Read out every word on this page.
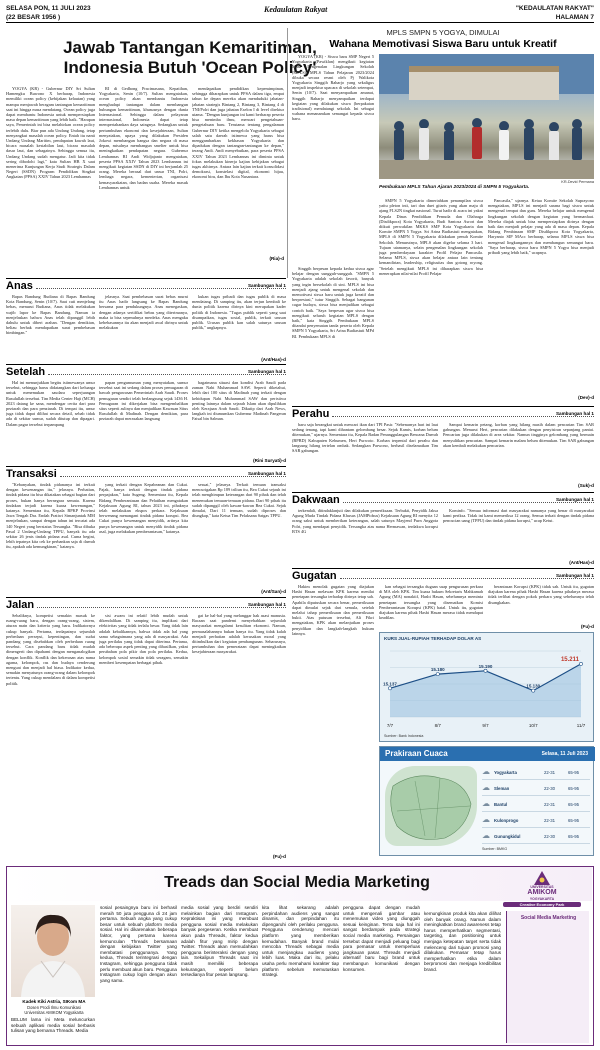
SELASA PON, 11 JULI 2023
(22 BESAR 1956 )
Kedaulatan Rakyat	"KEDAULATAN RAKYAT"
HALAMAN 7
Jawab Tantangan Kemaritiman,
Indonesia Butuh 'Ocean Policy'

YOGYA (KR) - Gubernur DIY Sri Sultan Hamengku Buwono X berharap, Indonesia memiliki ocean policy (kebijakan kelautan) yang mampu menjawab beragam tantangan kemaritiman saat ini hingga masa mendatang. Ocean policy juga dapat membantu Indonesia untuk mempersiapkan masa depan kemaritiman yang lebih baik. "Harapan saya, Pemerintah ini bisa melahirkan ocean policy terlebih dulu. Biar pun ada Undang Undang, tetap menyangkut masalah ocean policy. Entah itu nanti Undang Undang Maritim, pendapatan kawah laut, bicara masalah kestabilan laut, bicara masalah dasar laut, dan sebagainya. Sehingga semua itu, Undang Undang sudah mengatur. Jadi kita tidak sering dibodohi lagi," kata Sultan HB X saat menerima Kunjungan Kerja Studi Strategis Dalam Negeri (SSDN) Program Pendidikan Singkat Angkatan (PPSA) XXIV Tahun 2023 Lemhannas

RI di Gedhong Pracimasana, Kepatihan, Yogyakarta, Senin (10/7). Sultan mengatakan, ocean policy akan membantu Indonesia menghadapi tantangan dalam membangun hubungan kemaritiman, khususnya dengan dunia Internasional. Sehingga dalam pelayaran internasional, Indonesia dapat tetap mempertahankan daya saingnya. Sedangkan untuk pertumbuhan ekonomi dan kesejahteraan, Sultan menyatakan, upaya yang dilakukan Presiden Jokowi membangun bangsa dan negara di masa depan, misalnya membangun smelter untuk bisa meningkatkan pendapatan negara. Gubernur Lemhannas RI Andi Widjajanto mengatakan, peserta PPSA XXIV Tahun 2023 Lemhannas ini mengikuti kegiatan SSDN di DIY ini berjumlah 25 orang. Mereka berasal dari unsur TNI, Polri, lembaga negara, kementerian, organisasi kemasyarakatan, dan badan usaha. Mereka masuk Lemhannas untuk

mendapatkan pendidikan kepemimpinan, sehingga diharapkan untuk PPSA dalam tiga, empat tahun ke depan mereka akan menduduki jabatan-jabatan strategis Bintang 2, Bintang 3, Bintang 4 di TNI/Polri dan juga jabatan Eselon I di level direktur utama. "Dengan kunjungan ini kami berharap peserta bisa menimba ilmu, mencari pengetahuan-pengetahuan baru. Terutama tentang pengalaman Gubernur DIY ketika mengelola Yogyakarta sebagai salah satu daerah istimewa yang harus bisa menggambarkan kekhasan Yogyakarta dan dipadukan dengan tantangan-tantangan ke depan," terang Andi. Andi menyebutkan, para peserta PPSA XXIV Tahun 2023 Lemhannas ini diminta untuk fokus melakukan kinerja kajian kebijakan sebagai tugas akhirnya. Antara lain kajian terkait konsolidasi demokrasi, konstelasi digital, ekonomi hijau, ekonomi biru, dan Ibu Kota Nusantara.

(Ria)-d
MPLS SMPN 5 YOGYA, DIMULAI
Wahana Memotivasi Siswa Baru untuk Kreatif

YOGYA (KR) - Siswa baru SMP Negeri 5 Yogyakarta (Pawiklan) mengikuti kegiatan Masa Pengenalan Lingkungan Sekolah (MPLS). MPLS Tahun Pelajaran 2023/2024 dibuka secara resmi oleh Pj Walikota Yogyakarta Singgih Raharjo yang sekaligus menjadi inspektur upacara di sekolah setempat, Senin (10/7). Saat menyampaikan amanat, Singgih Raharjo menyampaikan terdapat kegiatan yang dilakukan siswa (berpakaian tradisional) mendatangi sekolah. Ini sebagai wahana menanamkan semangat kepada siswa baru.

KR-Devid Permana
Pembukaan MPLS Tahun Ajaran 2023/2024 di SMPN 5 Yogyakarta.

Singgih berpesan kepada kedua siswa agar belajar dengan sungguh-sungguh. "SMPN 5 Yogyakarta adalah sekolah favorit, banyak yang ingin bersekolah di sini. MPLS ini bisa menjadi ajang untuk mengenal sekolah dan memotivasi siswa baru untuk juga kreatif dan berprestasi," tutur Singgih. Sebagai bangunan cagar budaya, siswa bisa menjadikan sebagai contoh baik. "Saya berpesan agar siswa bisa mengikuti seluruh kegiatan MPLS dengan baik," kata Singgih. Pembukaan MPLS ditandai penyematan tanda peserta oleh Kepala SMPN 5 Yogyakarta, Sri Arina Budiastuti MPd BI. Pembukaan MPLS di

SMPN 5 Yogyakarta dimeriahkan penampilan siswa yaitu pleton inti, tari dan duet gitaris yang akan maju di ajang FLS2N tingkat nasional. Turut hadir di acara ini yakni Kepala Dinas Pendidikan Pemuda dan Olahraga (Disdikpora) Kota Yogyakarta, Budi Santosa Asrori dan diikuti perwakilan MKKS SMP Kota Yogyakarta dan Komite SMPN 5 Yogya. Sri Arina Budiastuti mengatakan, MPLS di SMPN 5 Yogyakarta dilakukan penuh Komite Sekolah. Menurutnya, MPLS akan digelar selama 3 hari. Tujuan utamanya, selain pengenalan lingkungan sekolah juga pemberdayaan karakter Profil Pelajar Pancasila. Selama MPLS, siswa akan belajar antara lain tentang kemandirian, leadership, religiusitas dan gotong royong. "Setelah mengikuti MPLS ini diharapkan siswa bisa menerapkan nilai-nilai Profil Pelajar

Pancasila," ujarnya. Ketua Komite Sekolah Suprayono mengatakan, MPLS ini menjadi sarana bagi siswa untuk mengenal tempat dan guru. Mereka belajar untuk mengenal lingkungan sekolah dengan kegiatan yang bermanfaat. Mereka diajak untuk bisa mempersiapkan dirinya dengan baik dan menjadi pelajar yang ada di masa depan. Kepala Bidang Pembinaan SMP Disdikpora Kota Yogyakarta, Haryanto SIP MAcc berharap, selama MPLS siswa bisa mengenal lingkungannya dan membangun semangat baru. "Saya berharap, siswa baru SMPN 5 Yogya bisa menjadi pribadi yang lebih baik," ucapnya.

(Dev)-d
Anas	Sambungan hal 1

Bapas Bandung Budiana di Bapas Bandung Kota Bandung, Senin (10/7). Saat cuti menjelang bebas, menurut Budiana, Anas tidak melakukan wajib lapor ke Bapas Bandung. Namun ia menjelaskan bahwa Anas telah dipanggil lebih dahulu untuk diberi arahan. "Dengan demikian, beliau berhak mendapatkan surat pembebasan bimbingan."

jelasnya. Saat pembebasan surat bebas murni itu Anas hadir langsung ke Bapas Bandung bersama para pendukungnya. Anas menegaskan, dengan adanya sertifikat bebas yang diterimanya, maka ia bisa sepenuhnya merdeka. Anas mengaku kebebasannya itu akan menjadi awal dirinya untuk melakukan

kukan tugas pribadi dan tugas publik di masa mendatang. Di samping itu, akan terjun kembali ke dunia politik karena dirinya kini merupakan kader politik di Indonesia. "Tugas publik seperti yang saat disampaikan, tugas sosial, publik, terkait urusan publik. Urusan publik kan salah satunya urusan publik," ungkapnya.

(Ant/Has)-d
Setelah	Sambungan hal 1

Hal ini menunjukkan begitu istimewanya umur tersebut, sehingga harus didatangkan dari keluarga untuk menemukan saudara seperjuangan Rasulullah tersebut. Tim Media Center Haji (MCH) 2023 datang ke sana, mendengar cerita dari para peziarah dan para penziarah. Di tempat itu, umur juga tidak dapat dilihat secara detail, sebab tidak ada di sekitar sumur, sudah ditutup dan dipagari. Dalam pagar tersebut terpampang

papan pengumuman yang menyatakan, sumur tersebut saat ini sedang dalam proses pemugaran di bawah pengawasan Pemerintah Arab Saudi. Proses pemugaran sendiri telah berlangsung sejak 1436 H. Pemugaran ini dikerjakan bisa mengembalikan situs seperti aslinya dan menjadikan Kawasan Situs Rasulullah di Madinah. Dengan demikian, para peziarah dapat merasakan langsung

bagaimana situasi dan kondisi Arab Saudi pada zaman Nabi Muhammad SAW. Seperti diketahui, lebih dari 100 situs di Madinah yang terkait dengan kehidupan Nabi Muhammad SAW dan peristiwa penting lainnya dalam sejarah Islam akan dipulihkan oleh Kerajaan Arab Saudi. Dikutip dari Arab News, langkah ini diumumkan Gubernur Madinah Pangeran Faisal bin Salman.

(Rini Suryati)-d
Perahu	Sambungan hal 1

baru saja berangkat untuk mencari ikan dari TPI Pasir. "Sebenarnya hari ini laut sedang tenang, tapi kami dihantam gelombang besar. Sejak Kamis, korban belum ditemukan," ujarnya. Sementara itu, Kepala Badan Penanggulangan Bencana Daerah (BPBD) Kabupaten Kebumen, Heri Purwoto. Korban terpental dari perahu dan langsung hilang tertelan ombak. Sedangkan Parwono, berhasil diselamatkan Tim SAR gabungan.

Sampai kemarin petang, korban yang hilang masih dalam pencarian Tim SAR gabungan. Menurut Heri, pencarian dilakukan dengan penyisiran sepanjang pantai. Pencarian juga dilakukan di area sekitar. Namun tingginya gelombang yang bermain menyulitkan pencarian. Sampai kemarin malam belum ditemukan. Tim SAR gabungan akan kembali melakukan pencarian.

(Suk)-d
Transaksi	Sambungan hal 1

"Kebanyakan, tindak pidananya ini terkait dengan kewenangan itu," jelasnya. Perhatian, tindak pidana itu bisa dikatakan sebagai bagian dari proses, bukan hanya bernegara semata. Karena tindakan terjadi karena kuasa kewenangan," katanya. Sementara itu, Kepala BPKP Provinsi Jawa Tengah Dra. Endah Pratiwi Simanjuntak MM menjelaskan, sampai dengan tahun ini tercatat ada 140 Negeri yang berstatus Tersangka. "Bisa dibuka Pasal 2 Undang-Undang TPPU, banyak itu ada sekitar 26 jenis tindak pidana asal. Cuma begini, lebih tepatnya kita cek ke perbankan saja di daerah itu, apakah ada kemungkinan," katanya.

yang terkait dengan Kepabeanan dan Cukai. Pajak, hanya terkait dengan tindak pidana perpajakan," kata Sugeng. Sementara itu, Kepala Bidang Pemberantasan dan Pelatihan mengatakan Kejaksaan Agung RI, tahun 2023 ini, pihaknya telah melakukan ekspos perkara. Kejaksaan berwenang menangani tindak pidana korupsi. Bea Cukai punya kewenangan menyidik, artinya kita punya kewenangan untuk menyidik tindak pidana asal, juga melakukan pemberantasan," katanya.

sesuai," jelasnya. Terkait temuan transaksi mencurigakan Rp 189 triliun itu, Bea Cukai sejauh ini telah menghimpun keterangan dari 90 pihak dan telah menemukan temuan-temuan pidana. Dari 90 pihak itu sudah dipanggil oleh kawan-kawan Bea Cukai. Sejak dimulai, Dari 11 temuan, sudah diproses dan diungkap," kata Ketua Tim Pelaksana Satgas TPPU.

(Ant/San)-d
Dakwaan	Sambungan hal 1

terkendali, ditindaklanjuti dan dilakukan pemeriksaan. Terbukti, Penyidik Jaksa Agung Muda Tindak Pidana Khusus (JAMPidsus) Kejaksaan Agung RI menyita 12 orang saksi untuk memberikan keterangan, salah satunya Mayjend Purn Anggota Polri, yang mendapat penyidik. Tersangka atas nama Hermawan, terdakwa korupsi BTS 4G

Kominfo. "Semua informasi dari masyarakat namanya yang benar di masyarakat kami periksa. Tidak ini kami memeriksa 12 orang. Semua terkait dengan tindak pidana pencucian uang (TPPU) dan tindak pidana korupsi," ucap Ketut.

(Ant/Has)-d
Gugatan	Sambungan hal 1

Hakim menolak gugatan yang diajukan Hasbi Hasan melawan KPK karena menilai penetapan tersangka terhadap dirinya tetap sah. Apabila diputuskan secara benar, pemeriksaan dapat dimulai sejak dari semula, setelah melalui tahap pemeriksaan dan pemeriksaan bukti. Atas putusan tersebut, Ali Fikri mengatakan, KPK akan melanjutkan proses penyidikan dan langkah-langkah hukum lainnya.

kan sebagai tersangka dugaan suap pengurusan perkara di MA oleh KPK. Tim kuasa hukum Sekretaris Mahkamah Agung (MA) nonaktif, Hasbi Hasan, sebelumnya meminta penetapan tersangka yang disematkan Komisi Pemberantasan Korupsi (KPK) batal. Untuk itu, gugatan diajukan karena pihak Hasbi Hasan merasa tidak mendapat keadilan.

berantasan Korupsi (KPK) tidak sah. Untuk itu, gugatan diajukan karena pihak Hasbi Hasan karena pihaknya merasa tidak terlibat dengan pokok perkara yang sebelumnya telah disangkakan.

(Fu)-d
KURS JUAL-RUPIAH TERHADAP DOLAR AS
15.137
7/7
15.180
8/7
15.190
9/7
15.130
10/7
15.211
11/7
Sumber: Bank Indonesia
Prakiraan Cuaca	Selasa, 11 Juli 2023
☁ Yogyakarta	22-31	65-95
☁ Sleman	22-30	65-95
☁ Bantul	22-31	65-95
☁ Kulonprogo	22-31	65-95
☁ Gunungkidul	22-30	65-95
Sumber: BMKG
Jalan	Sambungan hal 1

Sebaliknya, kompetisi semakin masuk ke ruang-ruang baru, dengan orang-orang, sistem, aturan main dan kriteria yang baru. Indikatornya cukup banyak. Pertama, terdapatnya sejumlah perbedaan persepsi, kepentingan, dan sudut pandang yang disebabkan oleh perbedaan ruang tersebut. Cara pandang baru tidak mudah dimengerti dan dipahami dengan menganalogikan dengan konflik. Konflik dan kekerasan atas nama agama, kelompok, ras dan budaya cenderung menguat dan menjadi hal biasa. Indikator kedua, semakin menyatunya orang-orang dalam kelompok tertentu. Yang cukup mendalam di dalam kompetisi politik.

sisi awam ini relatif lebih mudah untuk dikendalikan. Di samping itu, implikasi dari efektivitas yang tidak terlalu besar. Yang tidak lain adalah kebalikannya, bahwa tidak ada hal yang sama sebagaimana yang ada di masyarakat. Ada juga perilaku yang tidak dapat diterima. Pertama, ada beberapa aspek penting yang dihasilkan, yakni perubahan pola pikir dan pola perilaku. Kedua, kelompok sosial semakin tidak seragam, semakin memberi kesempatan berbagai pihak.

gai ke hal-hal yang melanggar hak asasi manusia. Bacaan saat pandemi menyebabkan sejumlah masyarakat mengalami kesulitan ekonomi. Namun, permasalahannya bukan hanya itu. Yang tidak kalah menjadi perhatian adalah kerusakan moral yang ditimbulkan dari kegiatan pembangunan. Seharusnya, pertumbuhan dan pemerataan dapat meningkatkan kesejahteraan masyarakat.

(Fu)-d
Treads dan Social Media Marketing	UNIVERSITAS
AMIKOM
YOGYAKARTA
Creative Economy Park
Kadek Kiki Astria, SIKom MA
Dosen Prodi Ilmu Komunikasi
Universitas AMIKOM Yogyakarta
BELUM lama ini Meta meluncurkan sebuah aplikasi media sosial berbasis tulisan yang bernama Threads. Media
sosial pesaingnya baru ini berhasil meraih 50 juta pengguna di 24 jam pertama. Sebuah angka yang cukup besar untuk sebuah platform media sosial. Hal ini dikarenakan beberapa faktor, yang pertama karena kemunculan Threads bersamaan dengan kebijakan Twitter yang membatasi penggunanya. Yang kedua, Threads terintegrasi dengan Instagram, sehingga pengguna tidak perlu membuat akun baru. Pengguna Instagram cukup login dengan akun yang sama.
media sosial yang berdiri sendiri melainkan bagian dari Instagram. Kepraktisan ini yang membuat pengguna sosial media melakukan banyak pergeseran. Ketika membuat akun pada Threads, faktor kedua adalah fitur yang mirip dengan Twitter. Threads akan memudahkan pengguna berinteraksi dengan yang lain. Sekalipun Threads saat ini masih memiliki beberapa kekurangan, seperti belum tersedianya fitur pesan langsung.
kita lihat sekarang adalah perpindahan audiens yang sangat dinamis, dan perpindahan itu dipengaruhi oleh perilaku pengguna. Pengguna cenderung mencari platform yang memberikan kemudahan. Banyak brand mulai mencoba Threads sebagai media untuk menjangkau audiens yang lebih luas. Maka dari itu, pelaku usaha perlu memahami karakter tiap platform sebelum memutuskan strategi.
pengguna dapat dengan mudah untuk mengenali gambar atau menemukan video yang diunggah sesuai keinginan. Tentu saja hal ini sangat berdampak pada strategi social media marketing. Persaingan tersebut dapat menjadi peluang bagi para pemasar untuk memperluas jangkauan pasar. Threads menjadi alternatif baru bagi brand untuk membangun komunikasi dengan konsumen.
kemungkinan produk kita akan dilihat oleh banyak orang. Namun dalam meningkatkan brand awareness tetap harus memperhatikan segmentasi, targeting, dan positioning untuk menjaga ketepatan target serta tidak melenceng dari tujuan promosi yang dilakukan. Pemasar tetap harus memperhatikan etika dalam berpromosi dan menjaga kredibilitas brand.
Social Media Marketing
